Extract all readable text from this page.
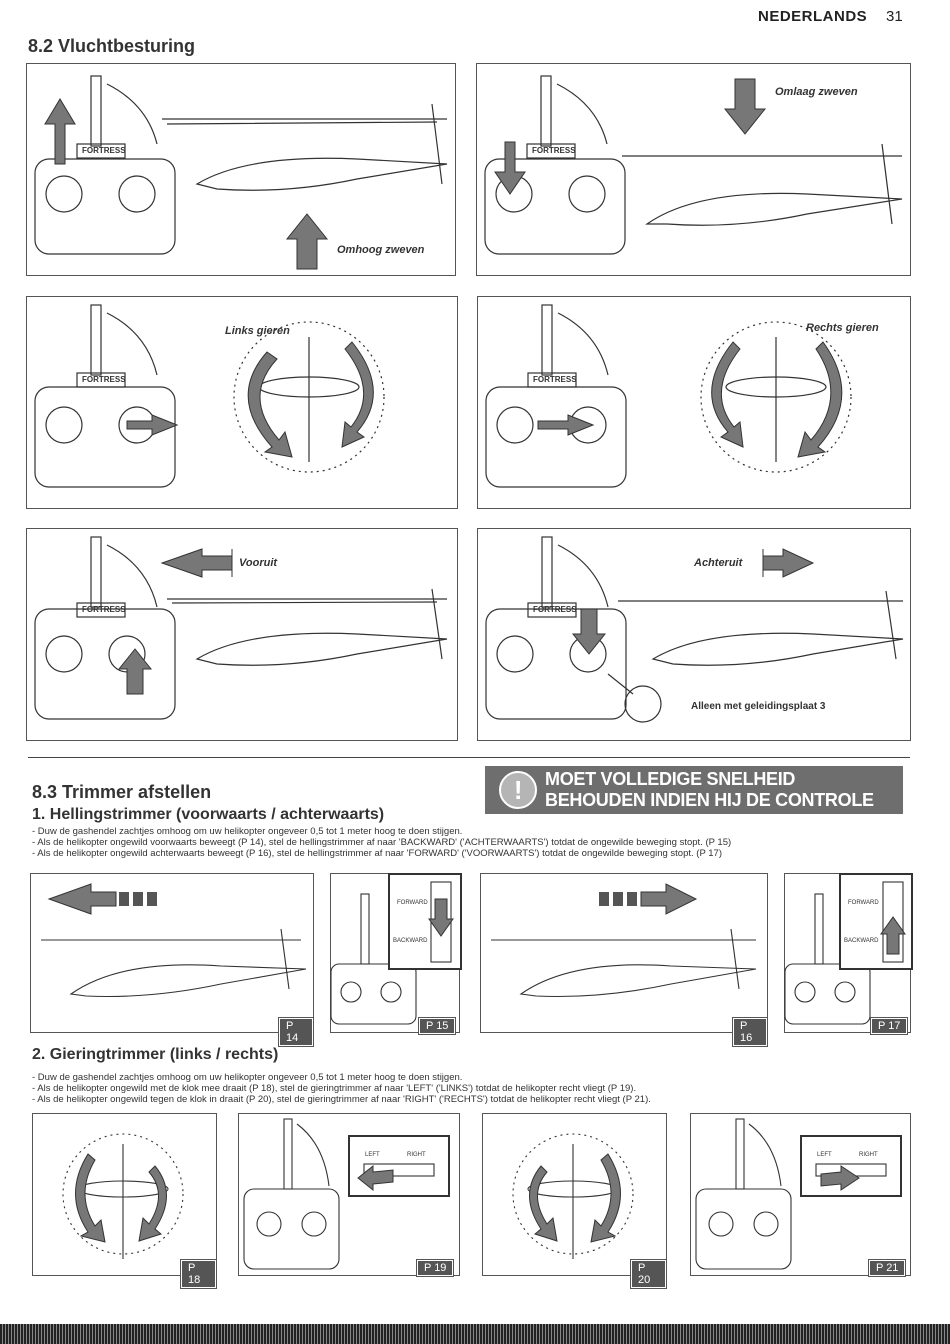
NEDERLANDS 31
8.2 Vluchtbesturing
Omhoog zweven
FORTRESS
Omlaag zweven
FORTRESS
Links gieren
FORTRESS
Rechts gieren
FORTRESS
Vooruit
FORTRESS
Achteruit
Alleen met geleidingsplaat 3
FORTRESS
8.3 Trimmer afstellen	!	MOET VOLLEDIGE SNELHEID BEHOUDEN INDIEN HIJ DE CONTROLE KWIJT IS!
1. Hellingstrimmer (voorwaarts / achterwaarts)
- Duw de gashendel zachtjes omhoog om uw helikopter ongeveer 0,5 tot 1 meter hoog te doen stijgen.
- Als de helikopter ongewild voorwaarts beweegt (P 14), stel de hellingstrimmer af naar 'BACKWARD' ('ACHTERWAARTS') totdat de ongewilde beweging stopt. (P 15)
- Als de helikopter ongewild achterwaarts beweegt (P 16), stel de hellingstrimmer af naar 'FORWARD' ('VOORWAARTS') totdat de ongewilde beweging stopt. (P 17)
P 14
FORWARD
BACKWARD
P 15	P 16
FORWARD
BACKWARD
P 17
2. Gieringtrimmer (links / rechts)
- Duw de gashendel zachtjes omhoog om uw helikopter ongeveer 0,5 tot 1 meter hoog te doen stijgen.
- Als de helikopter ongewild met de klok mee draait (P 18), stel de gieringtrimmer af naar 'LEFT' ('LINKS') totdat de helikopter recht vliegt (P 19).
- Als de helikopter ongewild tegen de klok in draait (P 20), stel de gieringtrimmer af naar 'RIGHT' ('RECHTS') totdat de helikopter recht vliegt (P 21).
P 18
LEFT	RIGHT
P 19	P 20
LEFT	RIGHT
P 21
